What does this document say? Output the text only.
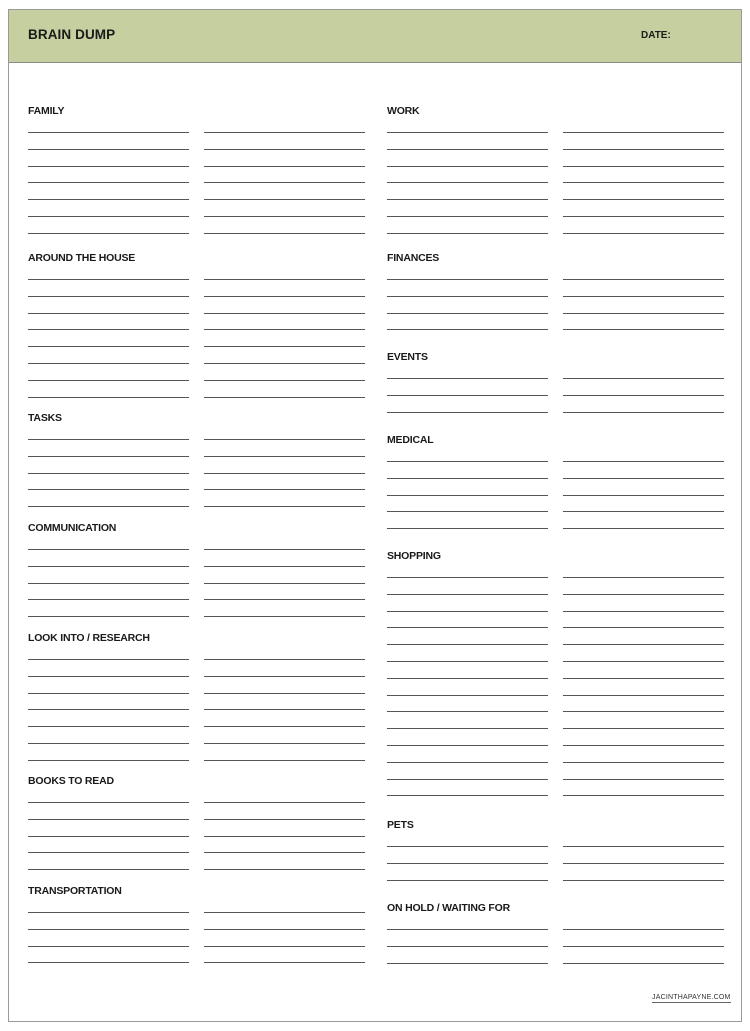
BRAIN DUMP	DATE:
FAMILY
AROUND THE HOUSE
TASKS
COMMUNICATION
LOOK INTO / RESEARCH
BOOKS TO READ
TRANSPORTATION
WORK
FINANCES
EVENTS
MEDICAL
SHOPPING
PETS
ON HOLD / WAITING FOR
JACINTHAPAYNE.COM
